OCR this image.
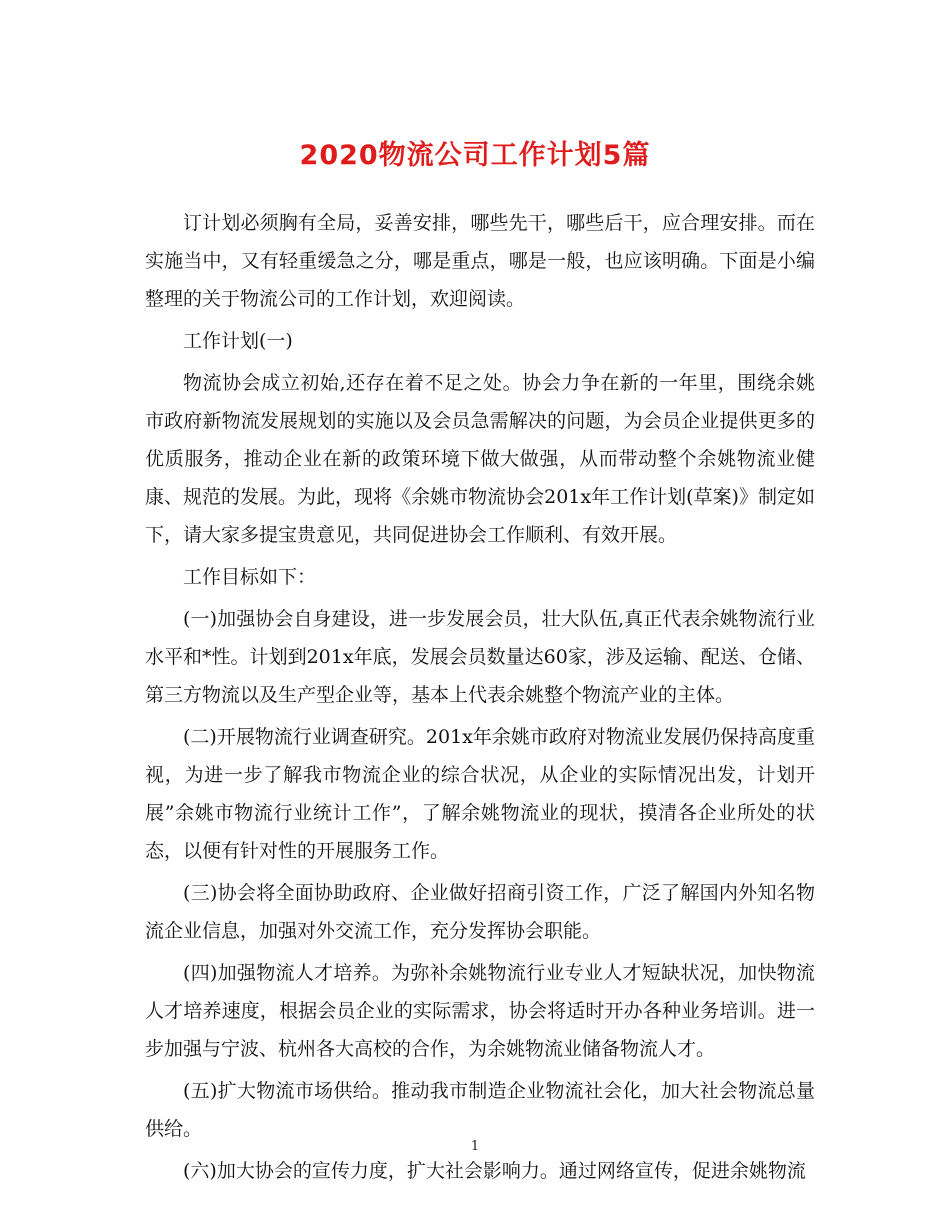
2020物流公司工作计划5篇

订计划必须胸有全局，妥善安排，哪些先干，哪些后干，应合理安排。而在实施当中，又有轻重缓急之分，哪是重点，哪是一般，也应该明确。下面是小编整理的关于物流公司的工作计划，欢迎阅读。

工作计划(一)

物流协会成立初始,还存在着不足之处。协会力争在新的一年里，围绕余姚市政府新物流发展规划的实施以及会员急需解决的问题，为会员企业提供更多的优质服务，推动企业在新的政策环境下做大做强，从而带动整个余姚物流业健康、规范的发展。为此，现将《余姚市物流协会201x年工作计划(草案)》制定如下，请大家多提宝贵意见，共同促进协会工作顺利、有效开展。

工作目标如下：

(一)加强协会自身建设，进一步发展会员，壮大队伍,真正代表余姚物流行业水平和*性。计划到201x年底，发展会员数量达60家，涉及运输、配送、仓储、第三方物流以及生产型企业等，基本上代表余姚整个物流产业的主体。

(二)开展物流行业调查研究。201x年余姚市政府对物流业发展仍保持高度重视，为进一步了解我市物流企业的综合状况，从企业的实际情况出发，计划开展”余姚市物流行业统计工作”，了解余姚物流业的现状，摸清各企业所处的状态，以便有针对性的开展服务工作。

(三)协会将全面协助政府、企业做好招商引资工作，广泛了解国内外知名物流企业信息，加强对外交流工作，充分发挥协会职能。

(四)加强物流人才培养。为弥补余姚物流行业专业人才短缺状况，加快物流人才培养速度，根据会员企业的实际需求，协会将适时开办各种业务培训。进一步加强与宁波、杭州各大高校的合作，为余姚物流业储备物流人才。

(五)扩大物流市场供给。推动我市制造企业物流社会化，加大社会物流总量供给。

(六)加大协会的宣传力度，扩大社会影响力。通过网络宣传，促进余姚物流

1
